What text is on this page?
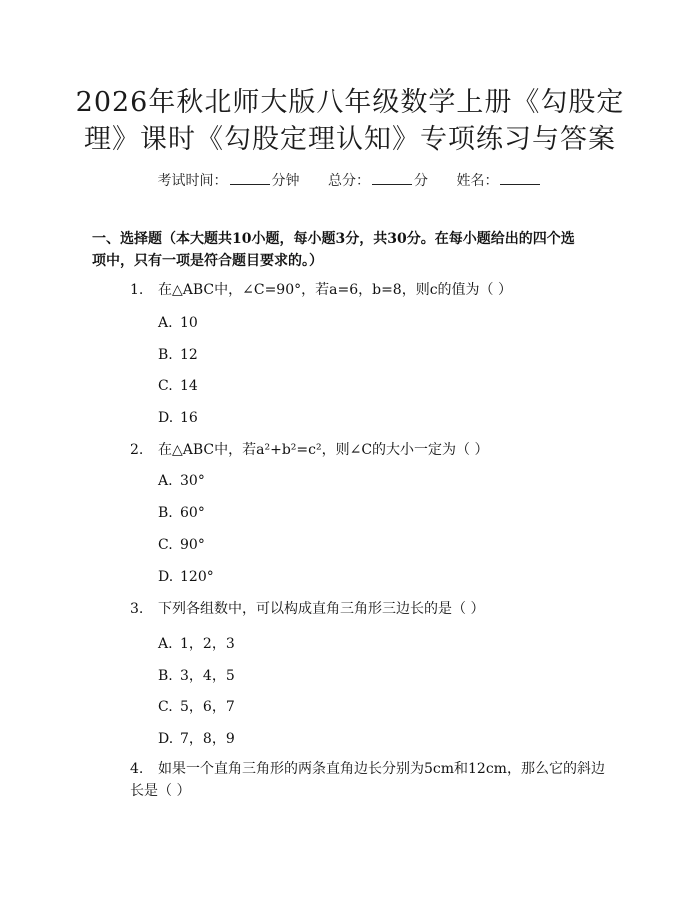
2026年秋北师大版八年级数学上册《勾股定
理》课时《勾股定理认知》专项练习与答案
考试时间：	分钟 总分：	分 姓名：
一、选择题（本大题共10小题，每小题3分，共30分。在每小题给出的四个选
项中，只有一项是符合题目要求的。）
1. 在△ABC中，∠C=90°，若a=6，b=8，则c的值为（ ）
A. 10
B. 12
C. 14
D. 16
2. 在△ABC中，若a²+b²=c²，则∠C的大小一定为（ ）
A. 30°
B. 60°
C. 90°
D. 120°
3. 下列各组数中，可以构成直角三角形三边长的是（ ）
A. 1，2，3
B. 3，4，5
C. 5，6，7
D. 7，8，9
4. 如果一个直角三角形的两条直角边长分别为5cm和12cm，那么它的斜边
长是（ ）
